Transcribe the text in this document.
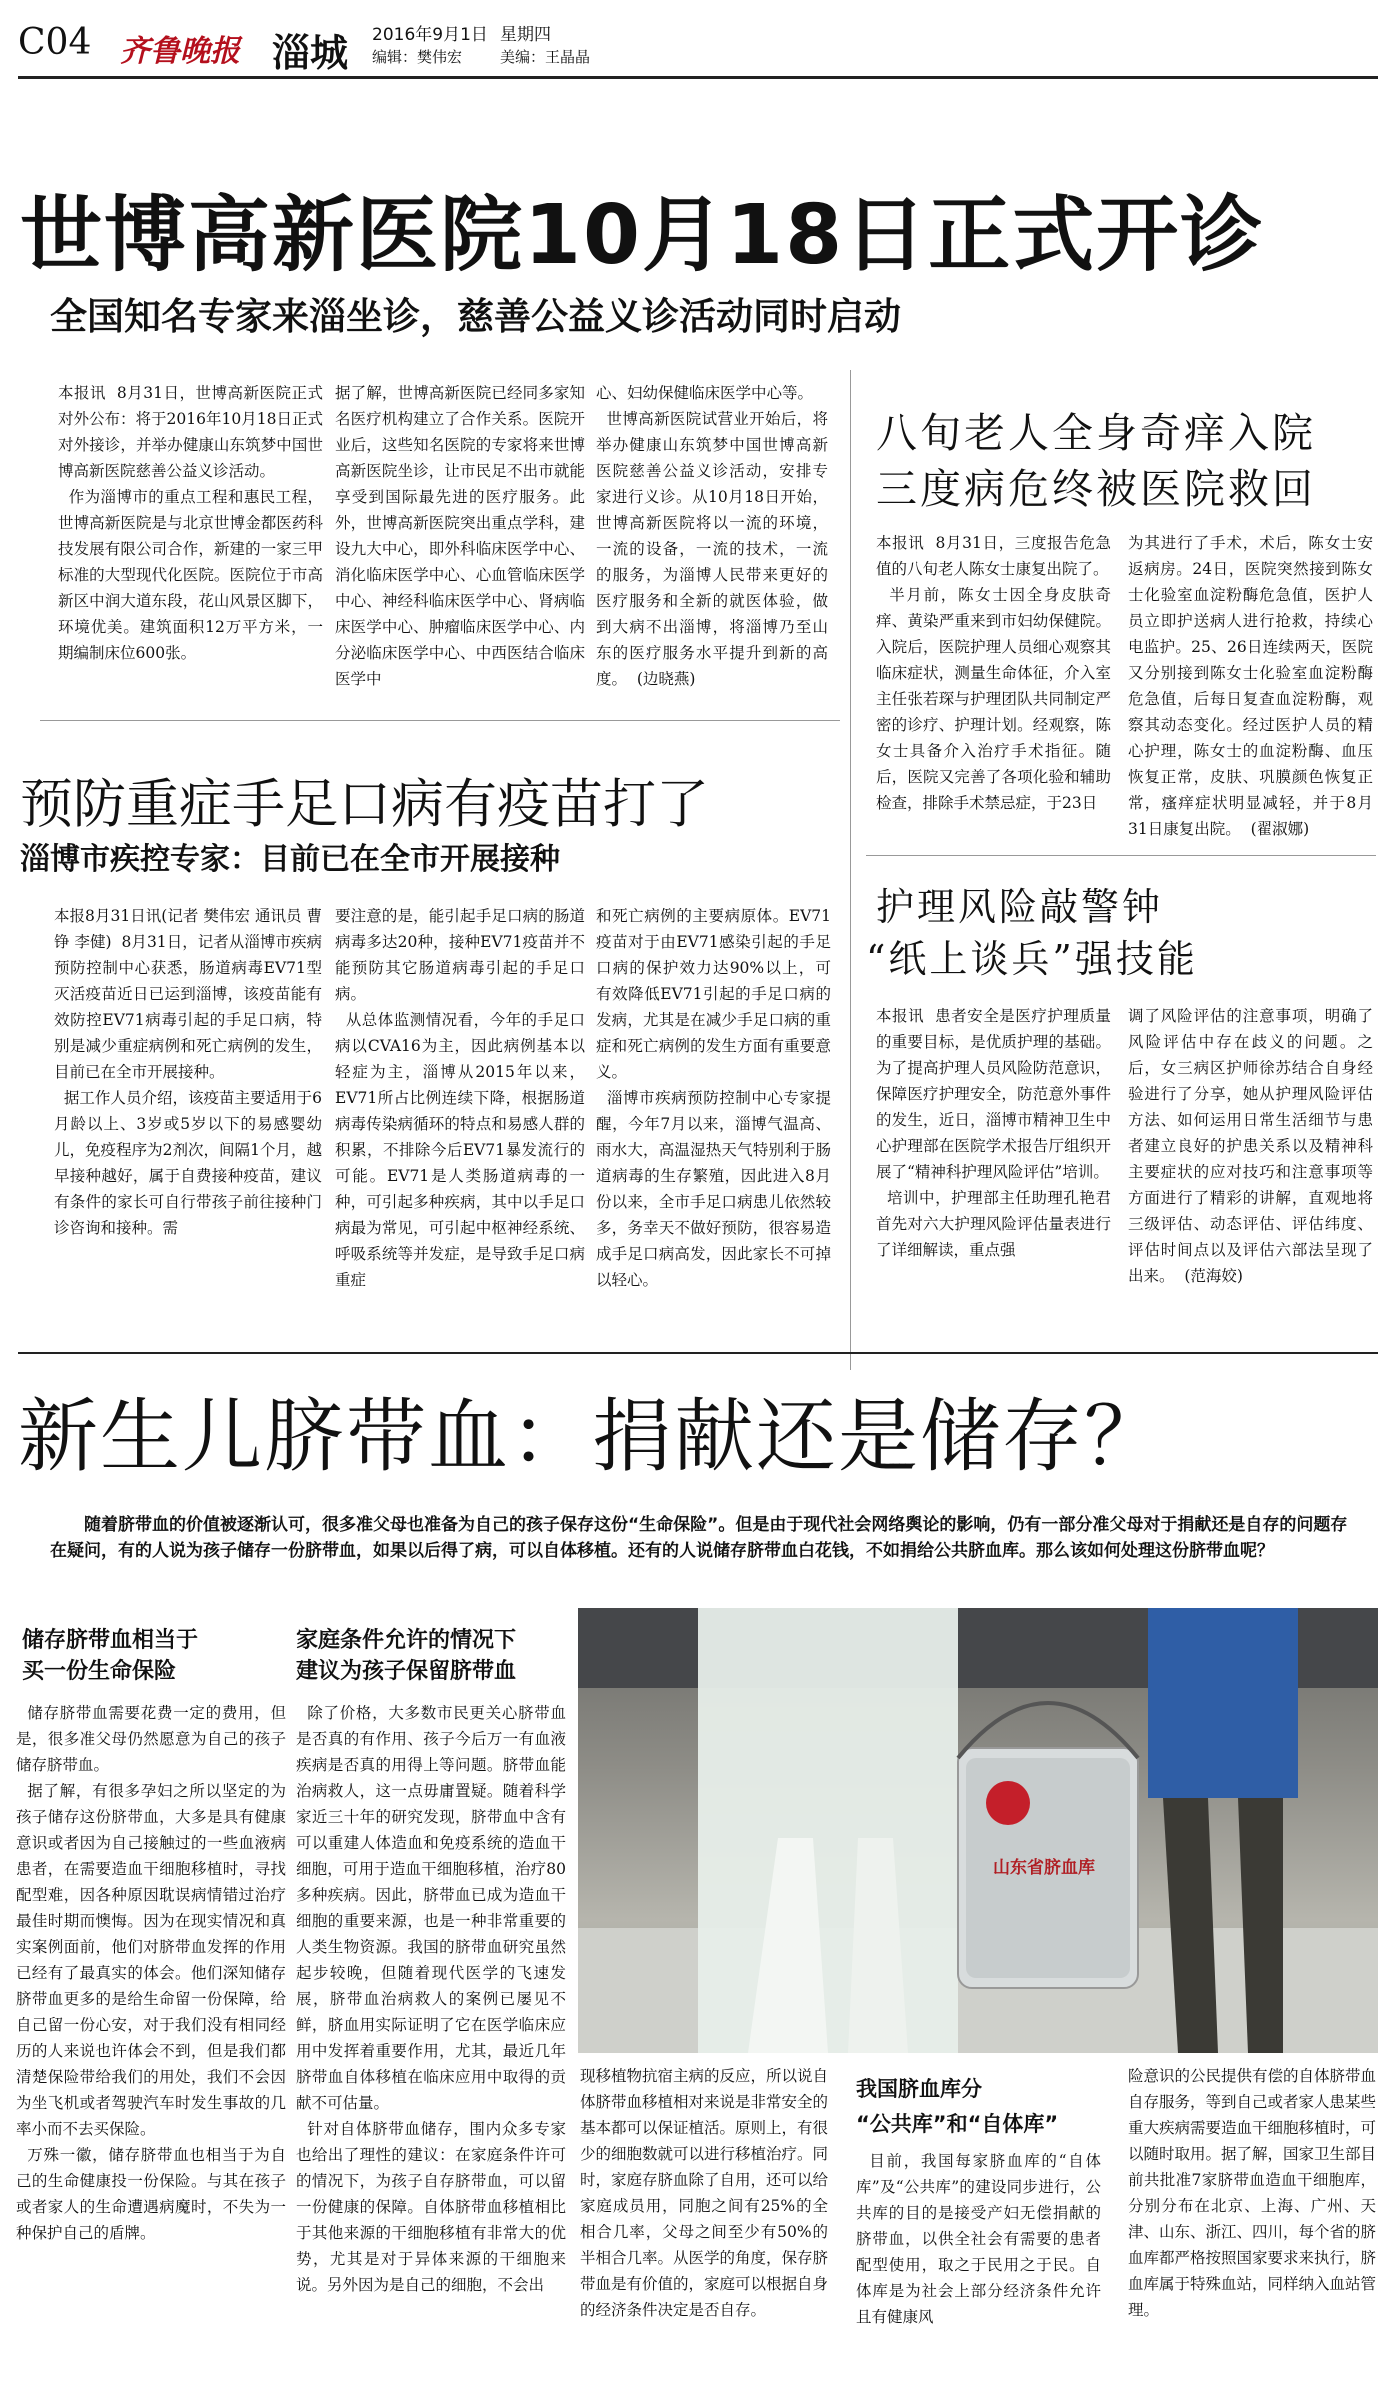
C04 齐鲁晚报 淄城 2016年9月1日 星期四
编辑：樊伟宏	美编：王晶晶
世博高新医院10月18日正式开诊
全国知名专家来淄坐诊，慈善公益义诊活动同时启动
本报讯  8月31日，世博高新医院正式对外公布：将于2016年10月18日正式对外接诊，并举办健康山东筑梦中国世博高新医院慈善公益义诊活动。
作为淄博市的重点工程和惠民工程，世博高新医院是与北京世博金都医药科技发展有限公司合作，新建的一家三甲标准的大型现代化医院。医院位于市高新区中润大道东段，花山风景区脚下，环境优美。建筑面积12万平方米，一期编制床位600张。
据了解，世博高新医院已经同多家知名医疗机构建立了合作关系。医院开业后，这些知名医院的专家将来世博高新医院坐诊，让市民足不出市就能享受到国际最先进的医疗服务。此外，世博高新医院突出重点学科，建设九大中心，即外科临床医学中心、消化临床医学中心、心血管临床医学中心、神经科临床医学中心、肾病临床医学中心、肿瘤临床医学中心、内分泌临床医学中心、中西医结合临床医学中
心、妇幼保健临床医学中心等。
世博高新医院试营业开始后，将举办健康山东筑梦中国世博高新医院慈善公益义诊活动，安排专家进行义诊。从10月18日开始，世博高新医院将以一流的环境，一流的设备，一流的技术，一流的服务，为淄博人民带来更好的医疗服务和全新的就医体验，做到大病不出淄博，将淄博乃至山东的医疗服务水平提升到新的高度。  (边晓燕)
八旬老人全身奇痒入院
三度病危终被医院救回
本报讯  8月31日，三度报告危急值的八旬老人陈女士康复出院了。
半月前，陈女士因全身皮肤奇痒、黄染严重来到市妇幼保健院。入院后，医院护理人员细心观察其临床症状，测量生命体征，介入室主任张若琛与护理团队共同制定严密的诊疗、护理计划。经观察，陈女士具备介入治疗手术指征。随后，医院又完善了各项化验和辅助检查，排除手术禁忌症，于23日
为其进行了手术，术后，陈女士安返病房。24日，医院突然接到陈女士化验室血淀粉酶危急值，医护人员立即护送病人进行抢救，持续心电监护。25、26日连续两天，医院又分别接到陈女士化验室血淀粉酶危急值，后每日复查血淀粉酶，观察其动态变化。经过医护人员的精心护理，陈女士的血淀粉酶、血压恢复正常，皮肤、巩膜颜色恢复正常，瘙痒症状明显减轻，并于8月31日康复出院。  (翟淑娜)
预防重症手足口病有疫苗打了
淄博市疾控专家：目前已在全市开展接种
本报8月31日讯(记者 樊伟宏 通讯员 曹铮 李健)  8月31日，记者从淄博市疾病预防控制中心获悉，肠道病毒EV71型灭活疫苗近日已运到淄博，该疫苗能有效防控EV71病毒引起的手足口病，特别是减少重症病例和死亡病例的发生，目前已在全市开展接种。
据工作人员介绍，该疫苗主要适用于6月龄以上、3岁或5岁以下的易感婴幼儿，免疫程序为2剂次，间隔1个月，越早接种越好，属于自费接种疫苗，建议有条件的家长可自行带孩子前往接种门诊咨询和接种。需
要注意的是，能引起手足口病的肠道病毒多达20种，接种EV71疫苗并不能预防其它肠道病毒引起的手足口病。
从总体监测情况看，今年的手足口病以CVA16为主，因此病例基本以轻症为主，淄博从2015年以来，EV71所占比例连续下降，根据肠道病毒传染病循环的特点和易感人群的积累，不排除今后EV71暴发流行的可能。EV71是人类肠道病毒的一种，可引起多种疾病，其中以手足口病最为常见，可引起中枢神经系统、呼吸系统等并发症，是导致手足口病重症
和死亡病例的主要病原体。EV71疫苗对于由EV71感染引起的手足口病的保护效力达90%以上，可有效降低EV71引起的手足口病的发病，尤其是在减少手足口病的重症和死亡病例的发生方面有重要意义。
淄博市疾病预防控制中心专家提醒，今年7月以来，淄博气温高、雨水大，高温湿热天气特别利于肠道病毒的生存繁殖，因此进入8月份以来，全市手足口病患儿依然较多，务幸天不做好预防，很容易造成手足口病高发，因此家长不可掉以轻心。
护理风险敲警钟
“纸上谈兵”强技能
本报讯  患者安全是医疗护理质量的重要目标，是优质护理的基础。为了提高护理人员风险防范意识，保障医疗护理安全，防范意外事件的发生，近日，淄博市精神卫生中心护理部在医院学术报告厅组织开展了“精神科护理风险评估”培训。
培训中，护理部主任助理孔艳君首先对六大护理风险评估量表进行了详细解读，重点强
调了风险评估的注意事项，明确了风险评估中存在歧义的问题。之后，女三病区护师徐苏结合自身经验进行了分享，她从护理风险评估方法、如何运用日常生活细节与患者建立良好的护患关系以及精神科主要症状的应对技巧和注意事项等方面进行了精彩的讲解，直观地将三级评估、动态评估、评估纬度、评估时间点以及评估六部法呈现了出来。  (范海姣)
新生儿脐带血：捐献还是储存？
随着脐带血的价值被逐渐认可，很多准父母也准备为自己的孩子保存这份“生命保险”。但是由于现代社会网络舆论的影响，仍有一部分准父母对于捐献还是自存的问题存在疑问，有的人说为孩子储存一份脐带血，如果以后得了病，可以自体移植。还有的人说储存脐带血白花钱，不如捐给公共脐血库。那么该如何处理这份脐带血呢？
储存脐带血相当于
买一份生命保险
储存脐带血需要花费一定的费用，但是，很多准父母仍然愿意为自己的孩子储存脐带血。
据了解，有很多孕妇之所以坚定的为孩子储存这份脐带血，大多是具有健康意识或者因为自己接触过的一些血液病患者，在需要造血干细胞移植时，寻找配型难，因各种原因耽误病情错过治疗最佳时期而懊悔。因为在现实情况和真实案例面前，他们对脐带血发挥的作用已经有了最真实的体会。他们深知储存脐带血更多的是给生命留一份保障，给自己留一份心安，对于我们没有相同经历的人来说也许体会不到，但是我们都清楚保险带给我们的用处，我们不会因为坐飞机或者驾驶汽车时发生事故的几率小而不去买保险。
万殊一徽，储存脐带血也相当于为自己的生命健康投一份保险。与其在孩子或者家人的生命遭遇病魔时，不失为一种保护自己的盾牌。
家庭条件允许的情况下
建议为孩子保留脐带血
除了价格，大多数市民更关心脐带血是否真的有作用、孩子今后万一有血液疾病是否真的用得上等问题。脐带血能治病救人，这一点毋庸置疑。随着科学家近三十年的研究发现，脐带血中含有可以重建人体造血和免疫系统的造血干细胞，可用于造血干细胞移植，治疗80多种疾病。因此，脐带血已成为造血干细胞的重要来源，也是一种非常重要的人类生物资源。我国的脐带血研究虽然起步较晚，但随着现代医学的飞速发展，脐带血治病救人的案例已屡见不鲜，脐血用实际证明了它在医学临床应用中发挥着重要作用，尤其，最近几年脐带血自体移植在临床应用中取得的贡献不可估量。
针对自体脐带血储存，围内众多专家也给出了理性的建议：在家庭条件许可的情况下，为孩子自存脐带血，可以留一份健康的保障。自体脐带血移植相比于其他来源的干细胞移植有非常大的优势，尤其是对于异体来源的干细胞来说。另外因为是自己的细胞，不会出
山东省脐血库
现移植物抗宿主病的反应，所以说自体脐带血移植相对来说是非常安全的基本都可以保证植活。原则上，有很少的细胞数就可以进行移植治疗。同时，家庭存脐血除了自用，还可以给家庭成员用，同胞之间有25%的全相合几率，父母之间至少有50%的半相合几率。从医学的角度，保存脐带血是有价值的，家庭可以根据自身的经济条件决定是否自存。
我国脐血库分
“公共库”和“自体库”
目前，我国每家脐血库的“自体库”及“公共库”的建设同步进行，公共库的目的是接受产妇无偿捐献的脐带血，以供全社会有需要的患者配型使用，取之于民用之于民。自体库是为社会上部分经济条件允许且有健康风
险意识的公民提供有偿的自体脐带血自存服务，等到自己或者家人患某些重大疾病需要造血干细胞移植时，可以随时取用。据了解，国家卫生部目前共批准7家脐带血造血干细胞库，分别分布在北京、上海、广州、天津、山东、浙江、四川，每个省的脐血库都严格按照国家要求来执行，脐血库属于特殊血站，同样纳入血站管理。
